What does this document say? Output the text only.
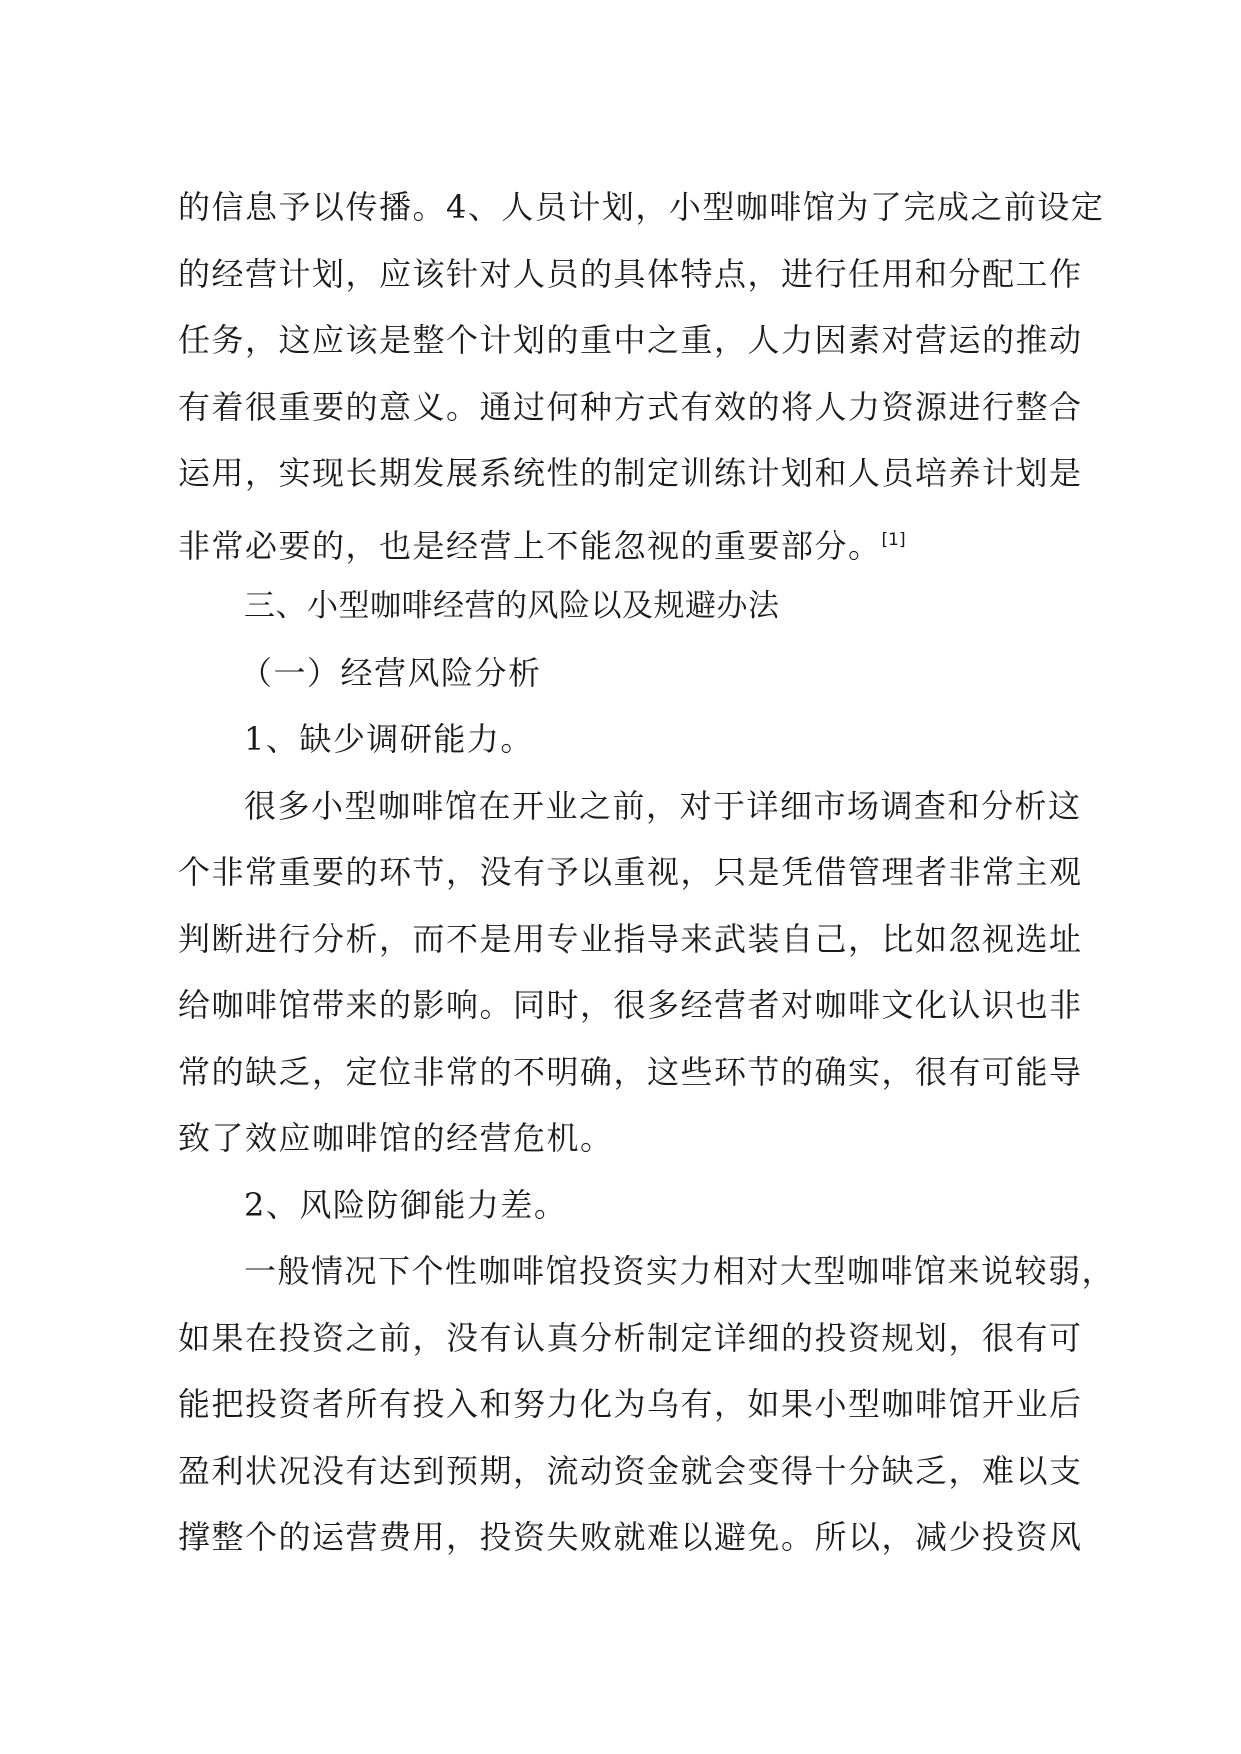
的信息予以传播。4、人员计划，小型咖啡馆为了完成之前设定
的经营计划，应该针对人员的具体特点，进行任用和分配工作
任务，这应该是整个计划的重中之重，人力因素对营运的推动
有着很重要的意义。通过何种方式有效的将人力资源进行整合
运用，实现长期发展系统性的制定训练计划和人员培养计划是
非常必要的，也是经营上不能忽视的重要部分。[1]
三、小型咖啡经营的风险以及规避办法
（一）经营风险分析
1、缺少调研能力。
很多小型咖啡馆在开业之前，对于详细市场调查和分析这
个非常重要的环节，没有予以重视，只是凭借管理者非常主观
判断进行分析，而不是用专业指导来武装自己，比如忽视选址
给咖啡馆带来的影响。同时，很多经营者对咖啡文化认识也非
常的缺乏，定位非常的不明确，这些环节的确实，很有可能导
致了效应咖啡馆的经营危机。
2、风险防御能力差。
一般情况下个性咖啡馆投资实力相对大型咖啡馆来说较弱，
如果在投资之前，没有认真分析制定详细的投资规划，很有可
能把投资者所有投入和努力化为乌有，如果小型咖啡馆开业后
盈利状况没有达到预期，流动资金就会变得十分缺乏，难以支
撑整个的运营费用，投资失败就难以避免。所以，减少投资风
